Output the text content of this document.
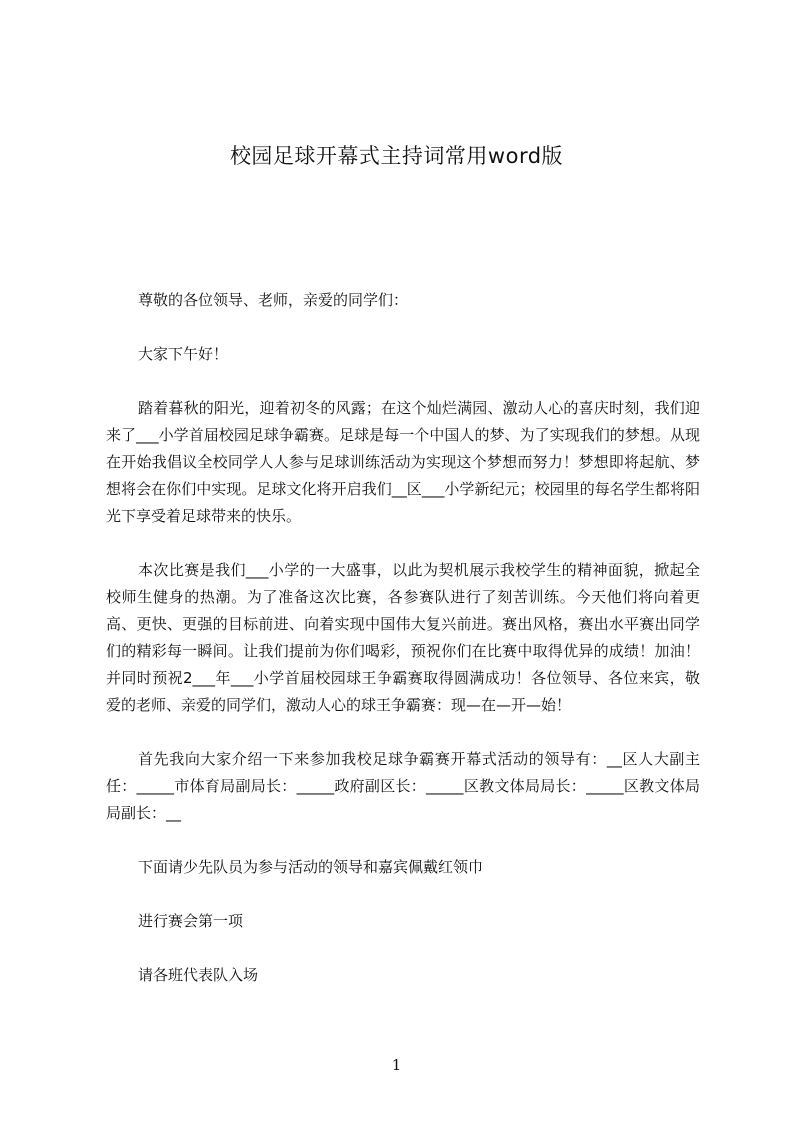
校园足球开幕式主持词常用word版

尊敬的各位领导、老师，亲爱的同学们：

大家下午好！

踏着暮秋的阳光，迎着初冬的风露；在这个灿烂满园、激动人心的喜庆时刻，我们迎来了___小学首届校园足球争霸赛。足球是每一个中国人的梦、为了实现我们的梦想。从现在开始我倡议全校同学人人参与足球训练活动为实现这个梦想而努力！梦想即将起航、梦想将会在你们中实现。足球文化将开启我们__区___小学新纪元；校园里的每名学生都将阳光下享受着足球带来的快乐。

本次比赛是我们___小学的一大盛事，以此为契机展示我校学生的精神面貌，掀起全校师生健身的热潮。为了准备这次比赛，各参赛队进行了刻苦训练。今天他们将向着更高、更快、更强的目标前进、向着实现中国伟大复兴前进。赛出风格，赛出水平赛出同学们的精彩每一瞬间。让我们提前为你们喝彩，预祝你们在比赛中取得优异的成绩！加油！并同时预祝2___年___小学首届校园球王争霸赛取得圆满成功！各位领导、各位来宾，敬爱的老师、亲爱的同学们，激动人心的球王争霸赛：现—在—开—始！

首先我向大家介绍一下来参加我校足球争霸赛开幕式活动的领导有：__区人大副主任：_____市体育局副局长：_____政府副区长：_____区教文体局局长：_____区教文体局局副长：__

下面请少先队员为参与活动的领导和嘉宾佩戴红领巾

进行赛会第一项

请各班代表队入场

1
